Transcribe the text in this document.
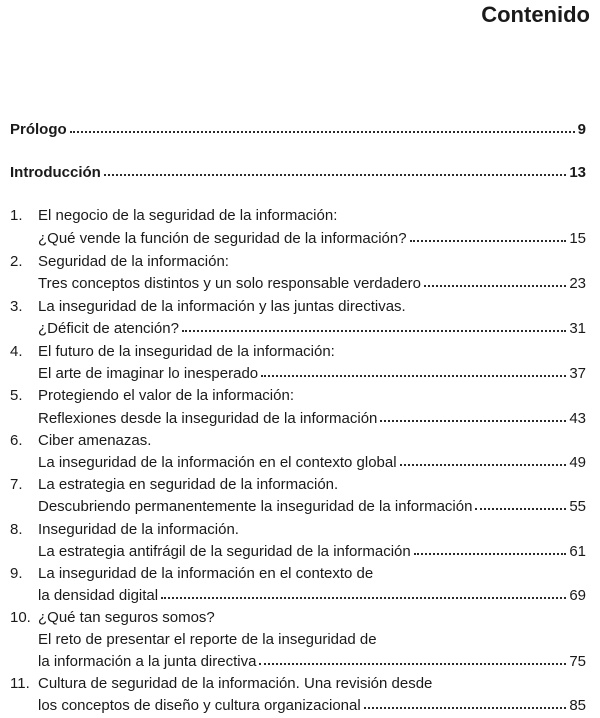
Contenido
Prólogo	9
Introducción	13
1.	El negocio de la seguridad de la información:
¿Qué vende la función de seguridad de la información?	15
2.	Seguridad de la información:
Tres conceptos distintos y un solo responsable verdadero	23
3.	La inseguridad de la información y las juntas directivas.
¿Déficit de atención?	31
4.	El futuro de la inseguridad de la información:
El arte de imaginar lo inesperado	37
5.	Protegiendo el valor de la información:
Reflexiones desde la inseguridad de la información	43
6.	Ciber amenazas.
La inseguridad de la información en el contexto global	49
7.	La estrategia en seguridad de la información.
Descubriendo permanentemente la inseguridad de la información	55
8.	Inseguridad de la información.
La estrategia antifrágil de la seguridad de la información	61
9.	La inseguridad de la información en el contexto de
la densidad digital	69
10. ¿Qué tan seguros somos?
El reto de presentar el reporte de la inseguridad de
la información a la junta directiva	75
11. Cultura de seguridad de la información. Una revisión desde
los conceptos de diseño y cultura organizacional	85
